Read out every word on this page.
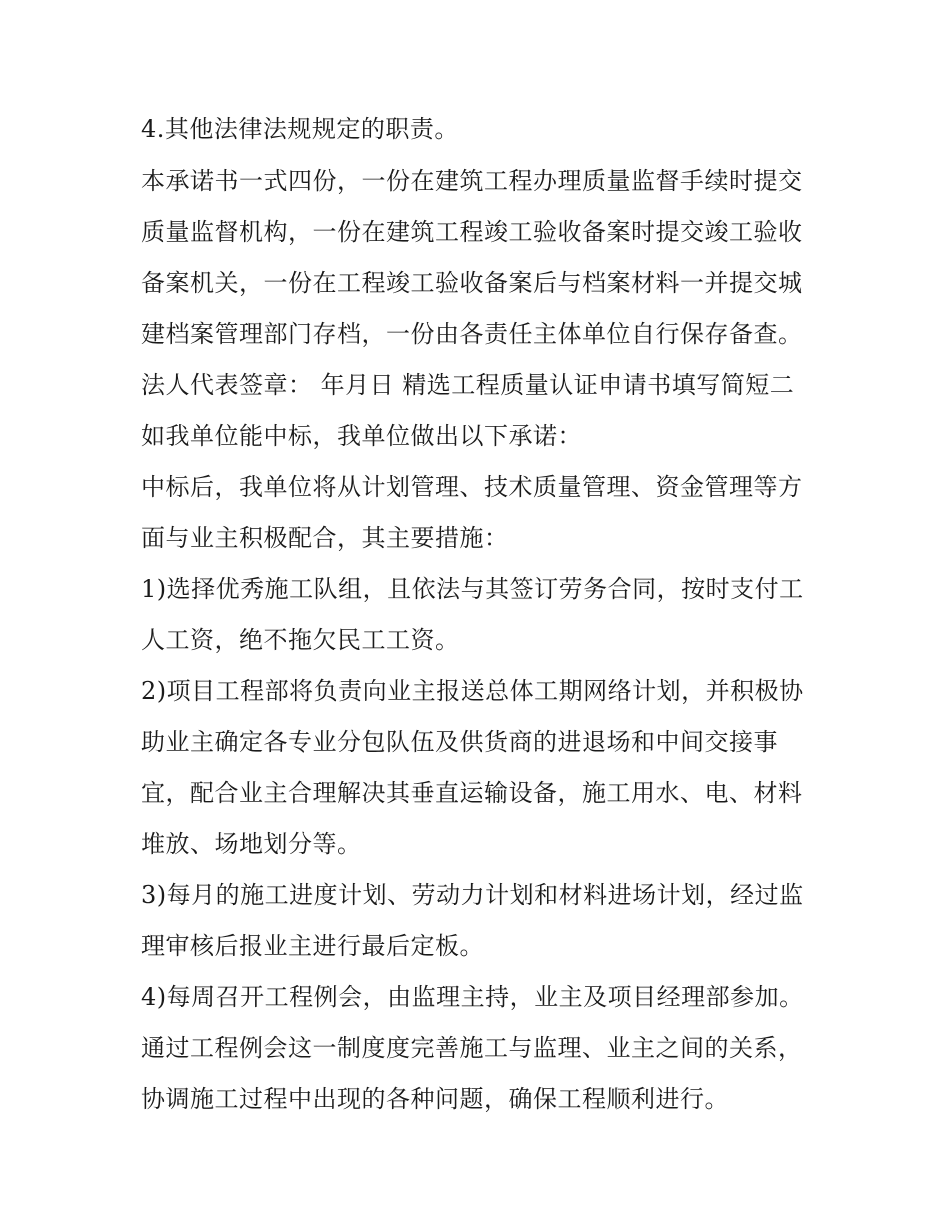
4.其他法律法规规定的职责。

本承诺书一式四份，一份在建筑工程办理质量监督手续时提交

质量监督机构，一份在建筑工程竣工验收备案时提交竣工验收

备案机关，一份在工程竣工验收备案后与档案材料一并提交城

建档案管理部门存档，一份由各责任主体单位自行保存备查。

法人代表签章： 年月日 精选工程质量认证申请书填写简短二

如我单位能中标，我单位做出以下承诺：

中标后，我单位将从计划管理、技术质量管理、资金管理等方

面与业主积极配合，其主要措施：

1)选择优秀施工队组，且依法与其签订劳务合同，按时支付工

人工资，绝不拖欠民工工资。

2)项目工程部将负责向业主报送总体工期网络计划，并积极协

助业主确定各专业分包队伍及供货商的进退场和中间交接事

宜，配合业主合理解决其垂直运输设备，施工用水、电、材料

堆放、场地划分等。

3)每月的施工进度计划、劳动力计划和材料进场计划，经过监

理审核后报业主进行最后定板。

4)每周召开工程例会，由监理主持，业主及项目经理部参加。

通过工程例会这一制度度完善施工与监理、业主之间的关系，

协调施工过程中出现的各种问题，确保工程顺利进行。
